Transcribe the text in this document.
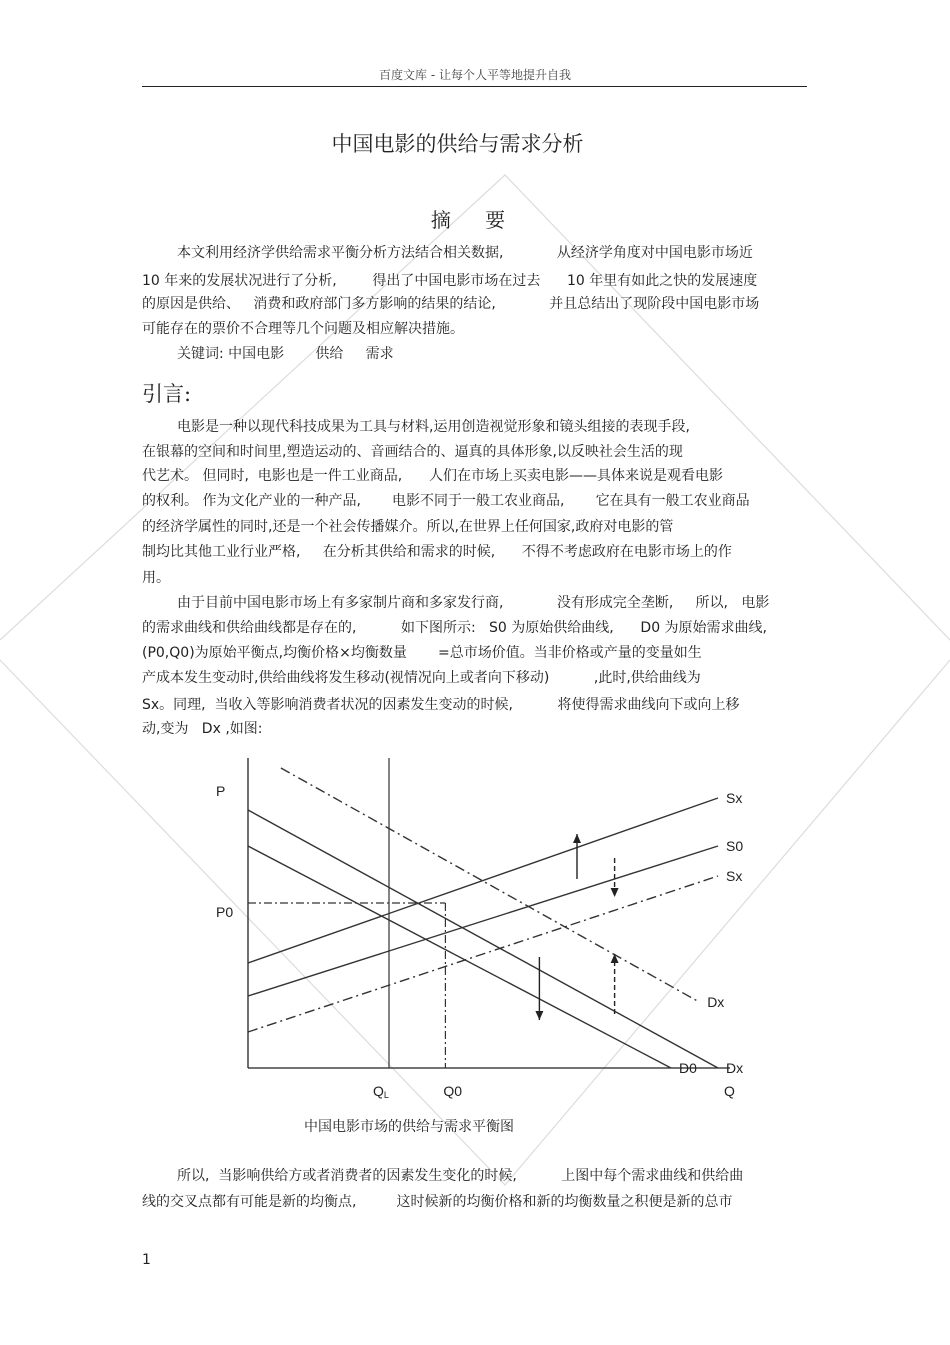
百度文库 - 让每个人平等地提升自我
中国电影的供给与需求分析
摘 要
本文利用经济学供给需求平衡分析方法结合相关数据,            从经济学角度对中国电影市场近
10 年来的发展状况进行了分析,        得出了中国电影市场在过去      10 年里有如此之快的发展速度
的原因是供给、   消费和政府部门多方影响的结果的结论,            并且总结出了现阶段中国电影市场
可能存在的票价不合理等几个问题及相应解决措施。
关键词: 中国电影       供给     需求
引言:
电影是一种以现代科技成果为工具与材料,运用创造视觉形象和镜头组接的表现手段,
在银幕的空间和时间里,塑造运动的、音画结合的、逼真的具体形象,以反映社会生活的现
代艺术。 但同时,  电影也是一件工业商品,      人们在市场上买卖电影——具体来说是观看电影
的权利。 作为文化产业的一种产品,       电影不同于一般工农业商品,       它在具有一般工农业商品
的经济学属性的同时,还是一个社会传播媒介。所以,在世界上任何国家,政府对电影的管
制均比其他工业行业严格,     在分析其供给和需求的时候,      不得不考虑政府在电影市场上的作
用。
由于目前中国电影市场上有多家制片商和多家发行商,            没有形成完全垄断,     所以,   电影
的需求曲线和供给曲线都是存在的,          如下图所示:   S0 为原始供给曲线,      D0 为原始需求曲线,
(P0,Q0)为原始平衡点,均衡价格×均衡数量       =总市场价值。当非价格或产量的变量如生
产成本发生变动时,供给曲线将发生移动(视情况向上或者向下移动)          ,此时,供给曲线为
Sx。同理,  当收入等影响消费者状况的因素发生变动的时候,          将使得需求曲线向下或向上移
动,变为   Dx ,如图:
S0
Sx
Sx
D0 Dx
Dx
P
Q
P0
QL	Q0
中国电影市场的供给与需求平衡图
所以,  当影响供给方或者消费者的因素发生变化的时候,          上图中每个需求曲线和供给曲
线的交叉点都有可能是新的均衡点,         这时候新的均衡价格和新的均衡数量之积便是新的总市
1
